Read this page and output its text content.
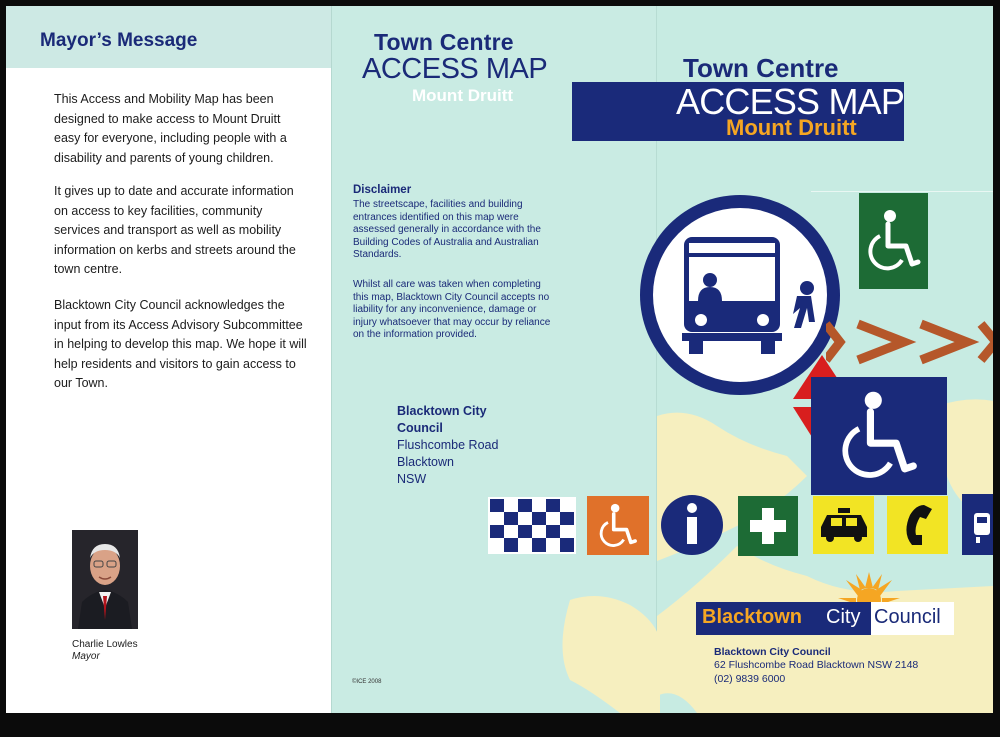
Mayor’s Message

This Access and Mobility Map has been designed to make access to Mount Druitt easy for everyone, including people with a disability and parents of young children.

It gives up to date and accurate information on access to key facilities, community services and transport as well as mobility information on kerbs and streets around the town centre.

Blacktown City Council acknowledges the input from its Access Advisory Subcommittee in helping to develop this map. We hope it will help residents and visitors to gain access to our Town.

Charlie Lowles
Mayor
Town Centre
ACCESS MAP
Mount Druitt
Disclaimer

The streetscape, facilities and building entrances identified on this map were assessed generally in accordance with the Building Codes of Australia and Australian Standards.

Whilst all care was taken when completing this map, Blacktown City Council accepts no liability for any inconvenience, damage or injury whatsoever that may occur by reliance on the information provided.

Blacktown City
Council
Flushcombe Road
Blacktown
NSW
©ICE 2008
Town Centre
ACCESS MAP
Mount Druitt
Blacktown City Council
Blacktown City Council
62 Flushcombe Road Blacktown NSW 2148
(02) 9839 6000
